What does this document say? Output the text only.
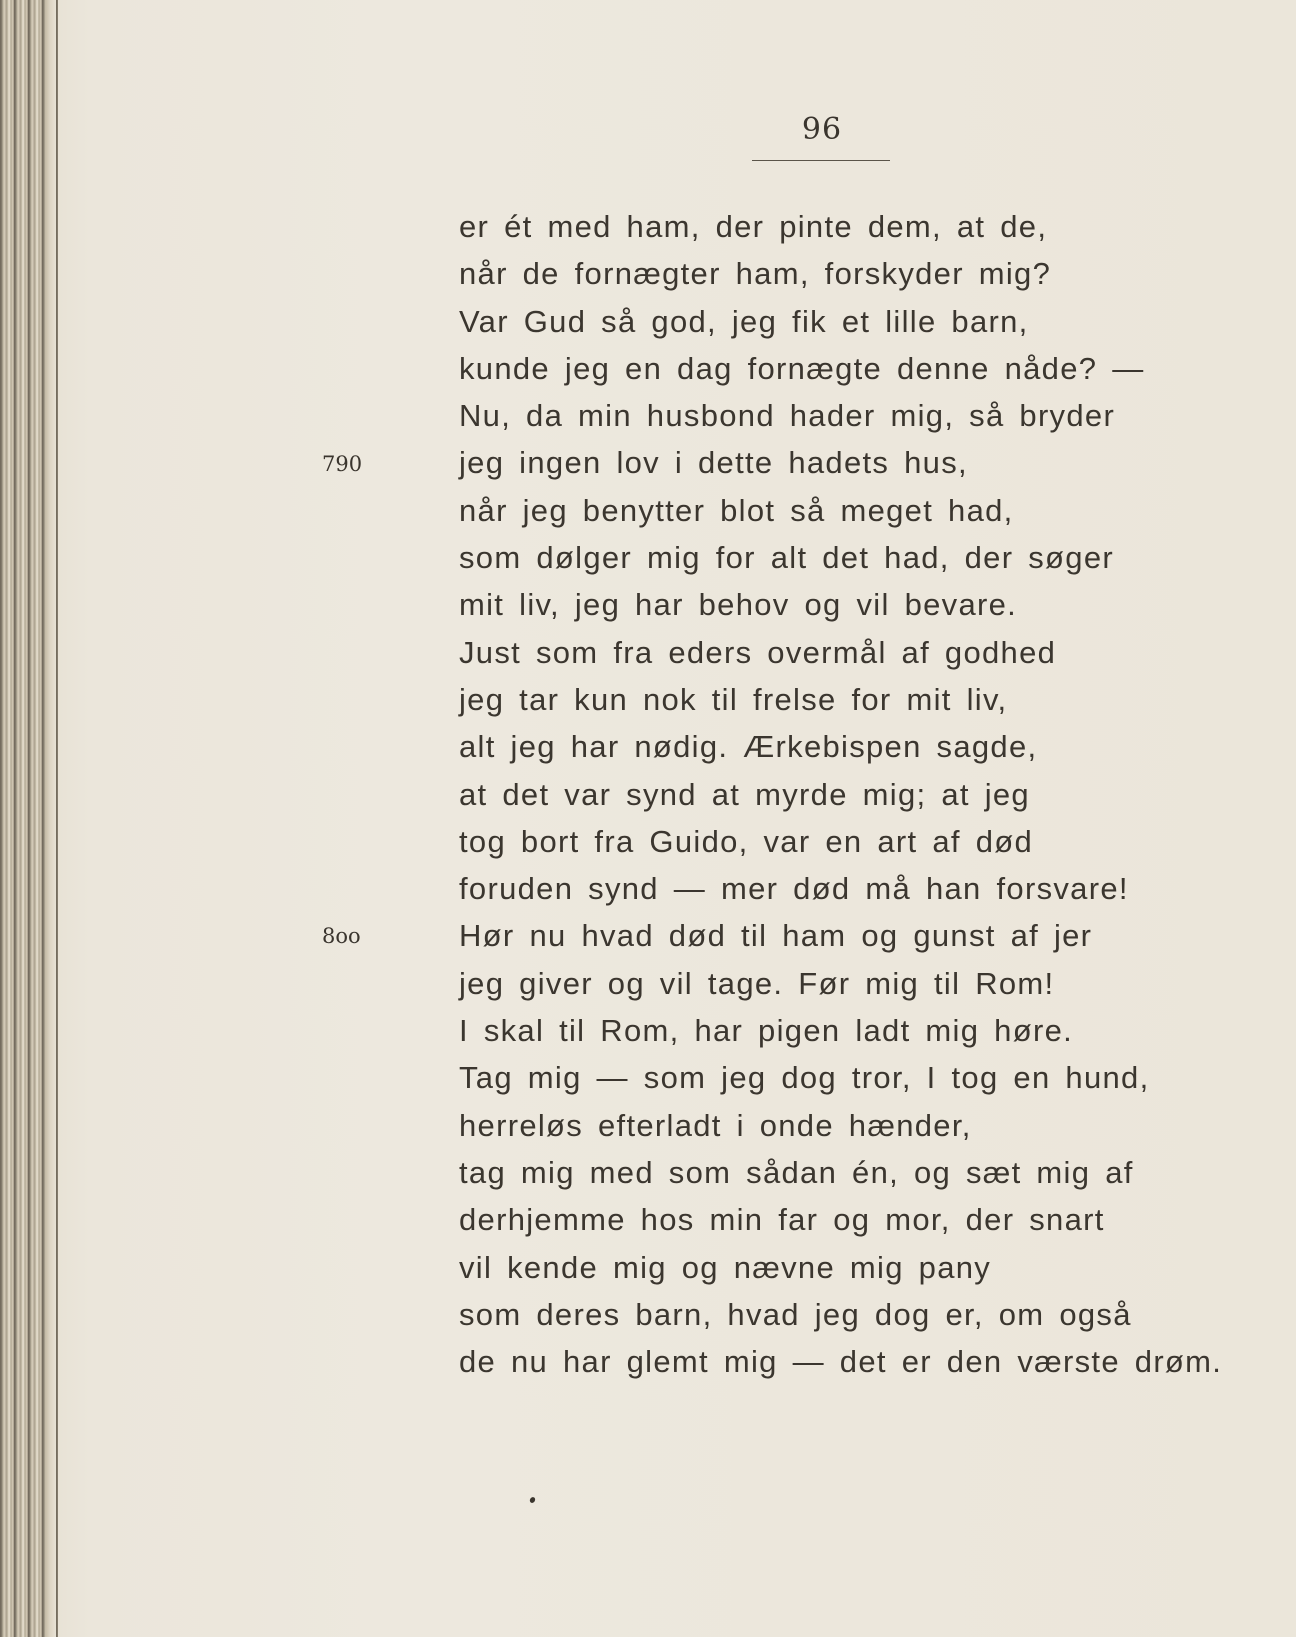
96
790
8oo
er ét med ham, der pinte dem, at de,
når de fornægter ham, forskyder mig?
Var Gud så god, jeg fik et lille barn,
kunde jeg en dag fornægte denne nåde? —
Nu, da min husbond hader mig, så bryder
jeg ingen lov i dette hadets hus,
når jeg benytter blot så meget had,
som dølger mig for alt det had, der søger
mit liv, jeg har behov og vil bevare.
Just som fra eders overmål af godhed
jeg tar kun nok til frelse for mit liv,
alt jeg har nødig. Ærkebispen sagde,
at det var synd at myrde mig; at jeg
tog bort fra Guido, var en art af død
foruden synd — mer død må han forsvare!
Hør nu hvad død til ham og gunst af jer
jeg giver og vil tage. Før mig til Rom!
I skal til Rom, har pigen ladt mig høre.
Tag mig — som jeg dog tror, I tog en hund,
herreløs efterladt i onde hænder,
tag mig med som sådan én, og sæt mig af
derhjemme hos min far og mor, der snart
vil kende mig og nævne mig pany
som deres barn, hvad jeg dog er, om også
de nu har glemt mig — det er den værste drøm.
